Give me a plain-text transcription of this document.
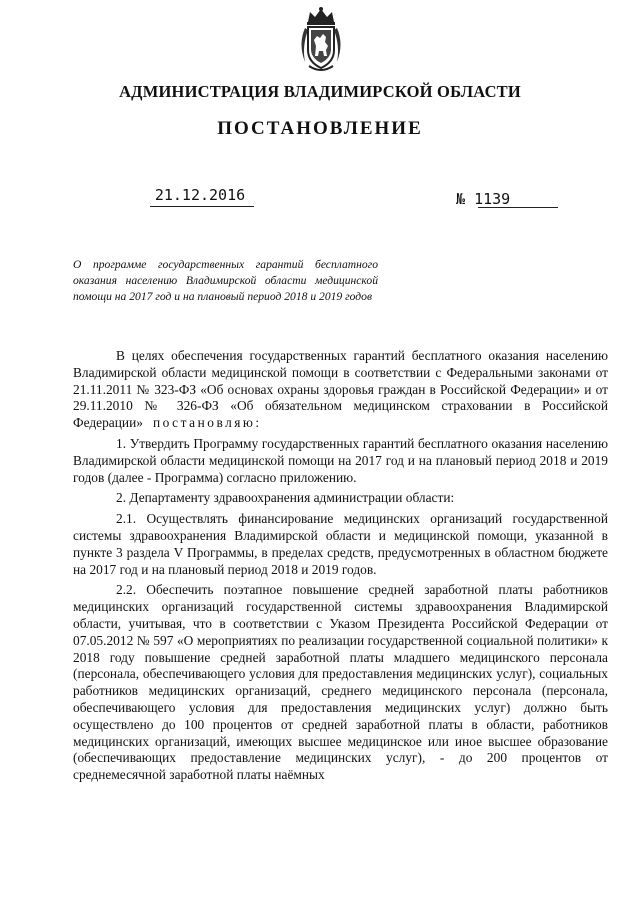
АДМИНИСТРАЦИЯ ВЛАДИМИРСКОЙ ОБЛАСТИ
ПОСТАНОВЛЕНИЕ
21.12.2016	№ 1139
О программе государственных гарантий бесплатного оказания населению Владимирской области медицинской помощи на 2017 год и на плановый период 2018 и 2019 годов

В целях обеспечения государственных гарантий бесплатного оказания населению Владимирской области медицинской помощи в соответствии с Федеральными законами от 21.11.2011 № 323-ФЗ «Об основах охраны здоровья граждан в Российской Федерации» и от 29.11.2010 № 326-ФЗ «Об обязательном медицинском страховании в Российской Федерации» постановляю:

1. Утвердить Программу государственных гарантий бесплатного оказания населению Владимирской области медицинской помощи на 2017 год и на плановый период 2018 и 2019 годов (далее - Программа) согласно приложению.

2. Департаменту здравоохранения администрации области:

2.1. Осуществлять финансирование медицинских организаций государственной системы здравоохранения Владимирской области и медицинской помощи, указанной в пункте 3 раздела V Программы, в пределах средств, предусмотренных в областном бюджете на 2017 год и на плановый период 2018 и 2019 годов.

2.2. Обеспечить поэтапное повышение средней заработной платы работников медицинских организаций государственной системы здравоохранения Владимирской области, учитывая, что в соответствии с Указом Президента Российской Федерации от 07.05.2012 № 597 «О мероприятиях по реализации государственной социальной политики» к 2018 году повышение средней заработной платы младшего медицинского персонала (персонала, обеспечивающего условия для предоставления медицинских услуг), социальных работников медицинских организаций, среднего медицинского персонала (персонала, обеспечивающего условия для предоставления медицинских услуг) должно быть осуществлено до 100 процентов от средней заработной платы в области, работников медицинских организаций, имеющих высшее медицинское или иное высшее образование (обеспечивающих предоставление медицинских услуг), - до 200 процентов от среднемесячной заработной платы наёмных
